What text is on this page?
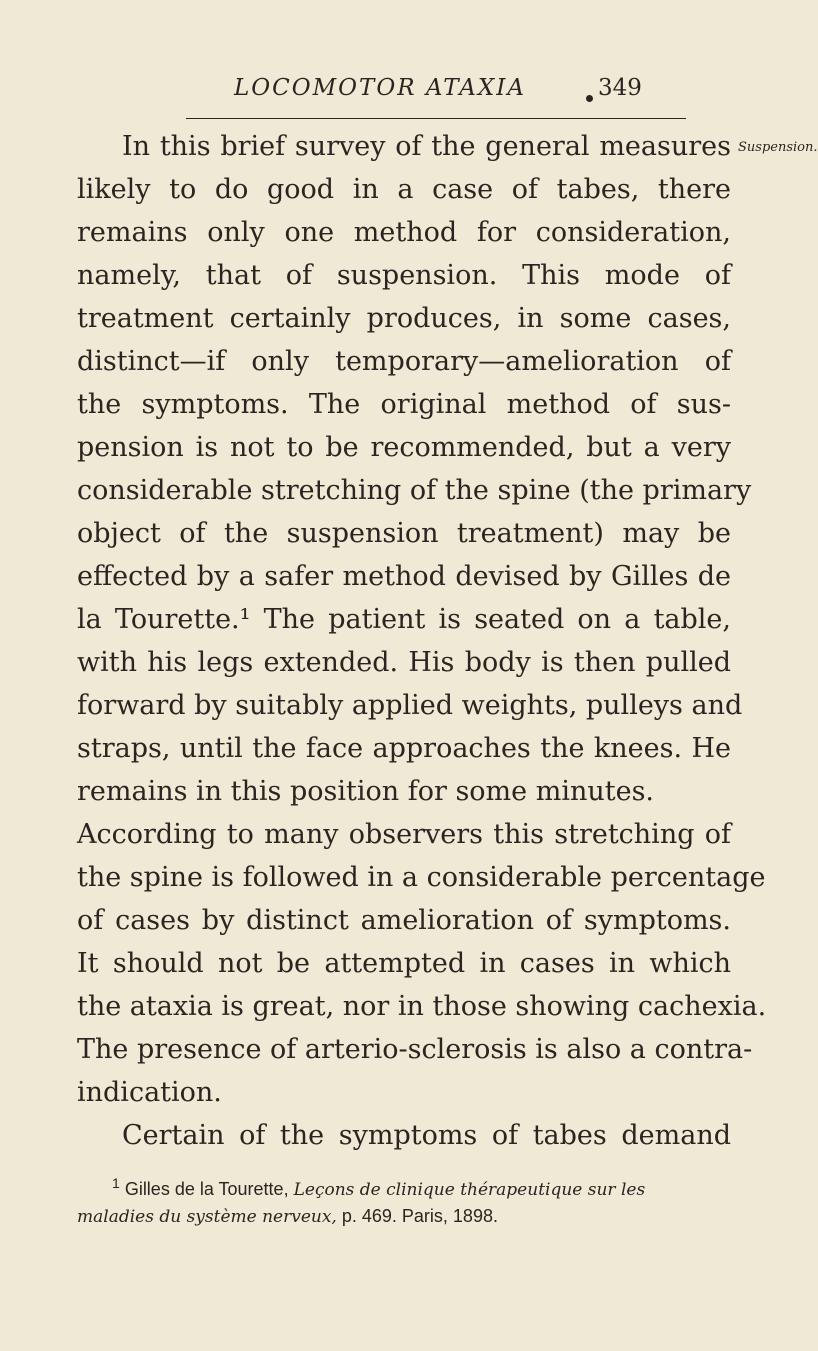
LOCOMOTOR ATAXIA	349
Suspension.
In this brief survey of the general measures
likely to do good in a case of tabes, there
remains only one method for consideration,
namely, that of suspension. This mode of
treatment certainly produces, in some cases,
distinct—if only temporary—amelioration of
the symptoms. The original method of sus-
pension is not to be recommended, but a very
considerable stretching of the spine (the primary
object of the suspension treatment) may be
effected by a safer method devised by Gilles de
la Tourette.¹ The patient is seated on a table,
with his legs extended. His body is then pulled
forward by suitably applied weights, pulleys and
straps, until the face approaches the knees. He
remains in this position for some minutes.
According to many observers this stretching of
the spine is followed in a considerable percentage
of cases by distinct amelioration of symptoms.
It should not be attempted in cases in which
the ataxia is great, nor in those showing cachexia.
The presence of arterio-sclerosis is also a contra-
indication.
Certain of the symptoms of tabes demand
$^1$ Gilles de la Tourette, Leçons de clinique thérapeutique sur les
maladies du système nerveux, p. 469. Paris, 1898.
